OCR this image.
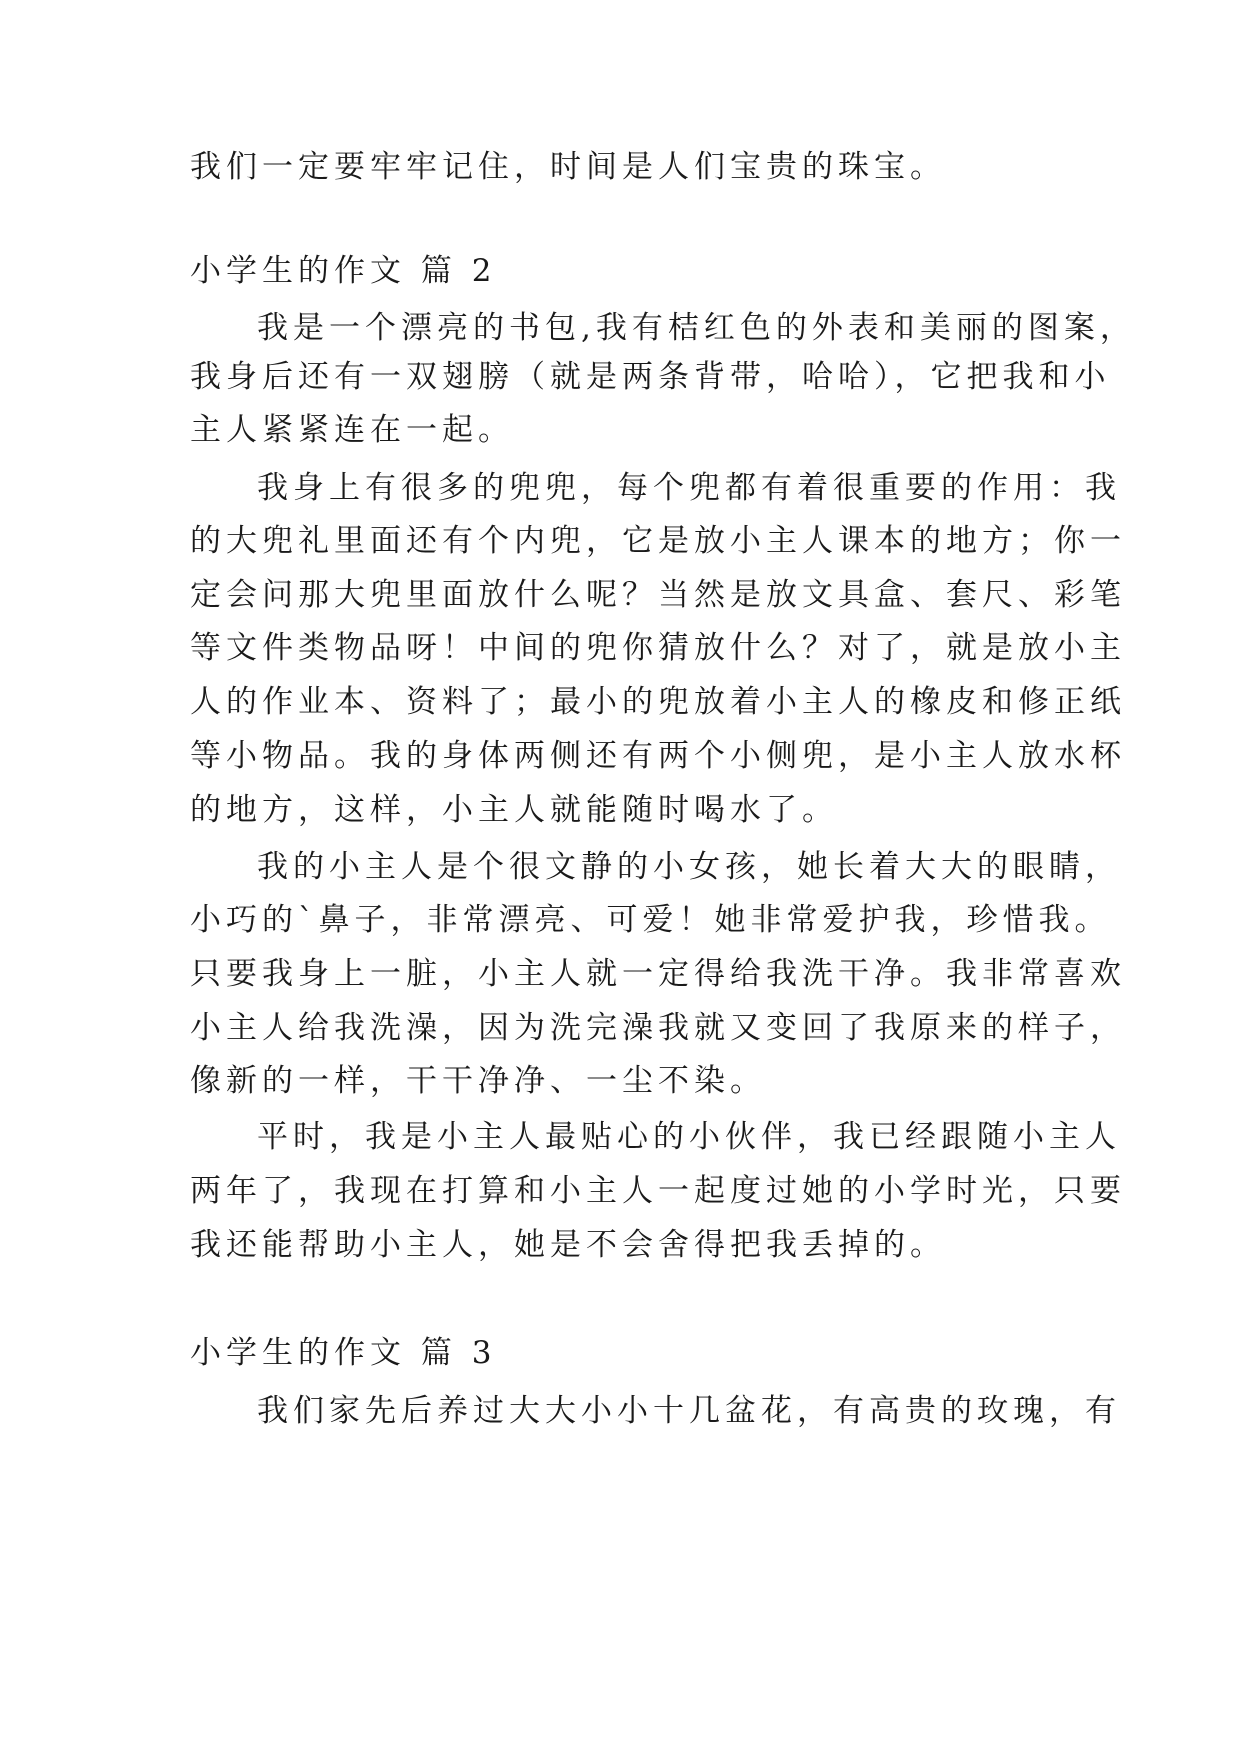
我们一定要牢牢记住，时间是人们宝贵的珠宝。
小学生的作文 篇 2
我是一个漂亮的书包,我有桔红色的外表和美丽的图案，
我身后还有一双翅膀（就是两条背带，哈哈），它把我和小
主人紧紧连在一起。
我身上有很多的兜兜，每个兜都有着很重要的作用：我
的大兜礼里面还有个内兜，它是放小主人课本的地方；你一
定会问那大兜里面放什么呢？当然是放文具盒、套尺、彩笔
等文件类物品呀！中间的兜你猜放什么？对了，就是放小主
人的作业本、资料了；最小的兜放着小主人的橡皮和修正纸
等小物品。我的身体两侧还有两个小侧兜，是小主人放水杯
的地方，这样，小主人就能随时喝水了。
我的小主人是个很文静的小女孩，她长着大大的眼睛，
小巧的`鼻子，非常漂亮、可爱！她非常爱护我，珍惜我。
只要我身上一脏，小主人就一定得给我洗干净。我非常喜欢
小主人给我洗澡，因为洗完澡我就又变回了我原来的样子，
像新的一样，干干净净、一尘不染。
平时，我是小主人最贴心的小伙伴，我已经跟随小主人
两年了，我现在打算和小主人一起度过她的小学时光，只要
我还能帮助小主人，她是不会舍得把我丢掉的。
小学生的作文 篇 3
我们家先后养过大大小小十几盆花，有高贵的玫瑰，有
